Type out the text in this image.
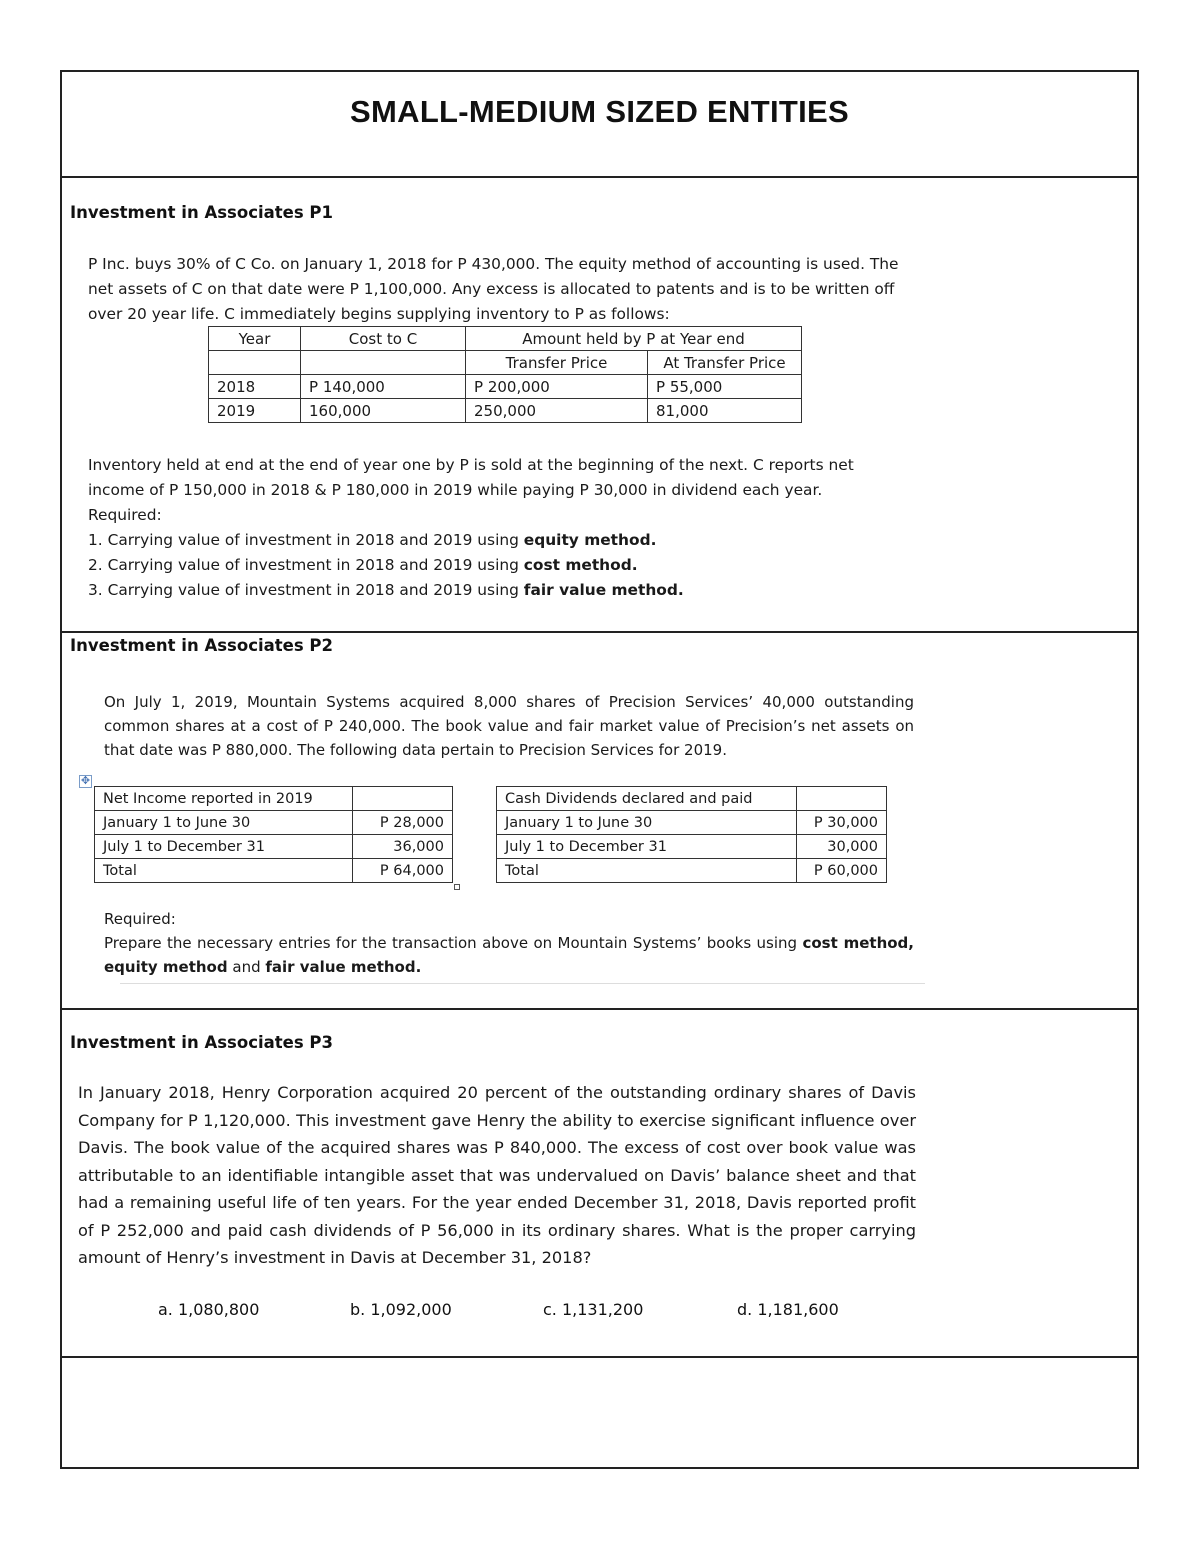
SMALL-MEDIUM SIZED ENTITIES
Investment in Associates P1

P Inc. buys 30% of C Co. on January 1, 2018 for P 430,000. The equity method of accounting is used. The

net assets of C on that date were P 1,100,000. Any excess is allocated to patents and is to be written off

over 20 year life. C immediately begins supplying inventory to P as follows:

Year	Cost to C	Amount held by P at Year end	
		Transfer Price	At Transfer Price
2018	P 140,000	P 200,000	P 55,000
2019	160,000	250,000	81,000

Inventory held at end at the end of year one by P is sold at the beginning of the next. C reports net

income of P 150,000 in 2018 & P 180,000 in 2019 while paying P 30,000 in dividend each year.

Required:

1. Carrying value of investment in 2018 and 2019 using equity method.

2. Carrying value of investment in 2018 and 2019 using cost method.

3. Carrying value of investment in 2018 and 2019 using fair value method.

Investment in Associates P2
On July 1, 2019, Mountain Systems acquired 8,000 shares of Precision Services’ 40,000 outstanding common shares at a cost of P 240,000. The book value and fair market value of Precision’s net assets on that date was P 880,000. The following data pertain to Precision Services for 2019.
✥
Net Income reported in 2019	
January 1 to June 30	P 28,000
July 1 to December 31	36,000
Total	P 64,000
Cash Dividends declared and paid	
January 1 to June 30	P 30,000
July 1 to December 31	30,000
Total	P 60,000

Required:

Prepare the necessary entries for the transaction above on Mountain Systems’ books using cost method, equity method and fair value method.

Investment in Associates P3
In January 2018, Henry Corporation acquired 20 percent of the outstanding ordinary shares of Davis Company for P 1,120,000. This investment gave Henry the ability to exercise significant influence over Davis. The book value of the acquired shares was P 840,000. The excess of cost over book value was attributable to an identifiable intangible asset that was undervalued on Davis’ balance sheet and that had a remaining useful life of ten years. For the year ended December 31, 2018, Davis reported profit of P 252,000 and paid cash dividends of P 56,000 in its ordinary shares. What is the proper carrying amount of Henry’s investment in Davis at December 31, 2018?
a. 1,080,800	b. 1,092,000	c. 1,131,200	d. 1,181,600
